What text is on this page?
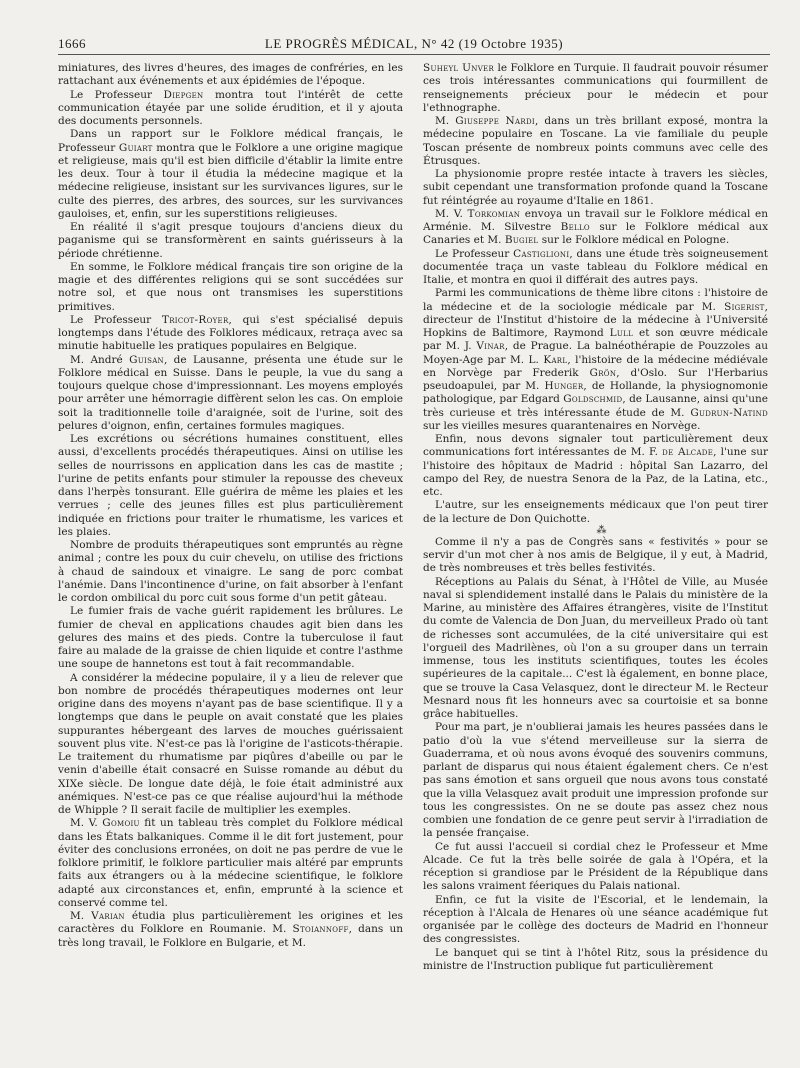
1666	LE PROGRÈS MÉDICAL, N° 42 (19 Octobre 1935)

miniatures, des livres d'heures, des images de confréries, en les rattachant aux événements et aux épidémies de l'époque.

Le Professeur Diepgen montra tout l'intérêt de cette communication étayée par une solide érudition, et il y ajouta des documents personnels.

Dans un rapport sur le Folklore médical français, le Professeur Guiart montra que le Folklore a une origine magique et religieuse, mais qu'il est bien difficile d'établir la limite entre les deux. Tour à tour il étudia la médecine magique et la médecine religieuse, insistant sur les survivances ligures, sur le culte des pierres, des arbres, des sources, sur les survivances gauloises, et, enfin, sur les superstitions religieuses.

En réalité il s'agit presque toujours d'anciens dieux du paganisme qui se transformèrent en saints guérisseurs à la période chrétienne.

En somme, le Folklore médical français tire son origine de la magie et des différentes religions qui se sont succédées sur notre sol, et que nous ont transmises les superstitions primitives.

Le Professeur Tricot-Royer, qui s'est spécialisé depuis longtemps dans l'étude des Folklores médicaux, retraça avec sa minutie habituelle les pratiques populaires en Belgique.

M. André Guisan, de Lausanne, présenta une étude sur le Folklore médical en Suisse. Dans le peuple, la vue du sang a toujours quelque chose d'impressionnant. Les moyens employés pour arrêter une hémorragie diffèrent selon les cas. On emploie soit la traditionnelle toile d'araignée, soit de l'urine, soit des pelures d'oignon, enfin, certaines formules magiques.

Les excrétions ou sécrétions humaines constituent, elles aussi, d'excellents procédés thérapeutiques. Ainsi on utilise les selles de nourrissons en application dans les cas de mastite ; l'urine de petits enfants pour stimuler la repousse des cheveux dans l'herpès tonsurant. Elle guérira de même les plaies et les verrues ; celle des jeunes filles est plus particulièrement indiquée en frictions pour traiter le rhumatisme, les varices et les plaies.

Nombre de produits thérapeutiques sont empruntés au règne animal ; contre les poux du cuir chevelu, on utilise des frictions à chaud de saindoux et vinaigre. Le sang de porc combat l'anémie. Dans l'incontinence d'urine, on fait absorber à l'enfant le cordon ombilical du porc cuit sous forme d'un petit gâteau.

Le fumier frais de vache guérit rapidement les brûlures. Le fumier de cheval en applications chaudes agit bien dans les gelures des mains et des pieds. Contre la tuberculose il faut faire au malade de la graisse de chien liquide et contre l'asthme une soupe de hannetons est tout à fait recommandable.

A considérer la médecine populaire, il y a lieu de relever que bon nombre de procédés thérapeutiques modernes ont leur origine dans des moyens n'ayant pas de base scientifique. Il y a longtemps que dans le peuple on avait constaté que les plaies suppurantes hébergeant des larves de mouches guérissaient souvent plus vite. N'est-ce pas là l'origine de l'asticots-thérapie. Le traitement du rhumatisme par piqûres d'abeille ou par le venin d'abeille était consacré en Suisse romande au début du XIXe siècle. De longue date déjà, le foie était administré aux anémiques. N'est-ce pas ce que réalise aujourd'hui la méthode de Whipple ? Il serait facile de multiplier les exemples.

M. V. Gomoiu fit un tableau très complet du Folklore médical dans les États balkaniques. Comme il le dit fort justement, pour éviter des conclusions erronées, on doit ne pas perdre de vue le folklore primitif, le folklore particulier mais altéré par emprunts faits aux étrangers ou à la médecine scientifique, le folklore adapté aux circonstances et, enfin, emprunté à la science et conservé comme tel.

M. Varian étudia plus particulièrement les origines et les caractères du Folklore en Roumanie. M. Stoiannoff, dans un très long travail, le Folklore en Bulgarie, et M.

Suheyl Unver le Folklore en Turquie. Il faudrait pouvoir résumer ces trois intéressantes communications qui fourmillent de renseignements précieux pour le médecin et pour l'ethnographe.

M. Giuseppe Nardi, dans un très brillant exposé, montra la médecine populaire en Toscane. La vie familiale du peuple Toscan présente de nombreux points communs avec celle des Étrusques.

La physionomie propre restée intacte à travers les siècles, subit cependant une transformation profonde quand la Toscane fut réintégrée au royaume d'Italie en 1861.

M. V. Torkomian envoya un travail sur le Folklore médical en Arménie. M. Silvestre Bello sur le Folklore médical aux Canaries et M. Bugiel sur le Folklore médical en Pologne.

Le Professeur Castiglioni, dans une étude très soigneusement documentée traça un vaste tableau du Folklore médical en Italie, et montra en quoi il différait des autres pays.

Parmi les communications de thème libre citons : l'histoire de la médecine et de la sociologie médicale par M. Sigerist, directeur de l'Institut d'histoire de la médecine à l'Université Hopkins de Baltimore, Raymond Lull et son œuvre médicale par M. J. Vinar, de Prague. La balnéothérapie de Pouzzoles au Moyen-Age par M. L. Karl, l'histoire de la médecine médiévale en Norvège par Frederik Grön, d'Oslo. Sur l'Herbarius pseudoapulei, par M. Hunger, de Hollande, la physiognomonie pathologique, par Edgard Goldschmid, de Lausanne, ainsi qu'une très curieuse et très intéressante étude de M. Gudrun-Natind sur les vieilles mesures quarantenaires en Norvège.

Enfin, nous devons signaler tout particulièrement deux communications fort intéressantes de M. F. de Alcade, l'une sur l'histoire des hôpitaux de Madrid : hôpital San Lazarro, del campo del Rey, de nuestra Senora de la Paz, de la Latina, etc., etc.

L'autre, sur les enseignements médicaux que l'on peut tirer de la lecture de Don Quichotte.

⁂

Comme il n'y a pas de Congrès sans « festivités » pour se servir d'un mot cher à nos amis de Belgique, il y eut, à Madrid, de très nombreuses et très belles festivités.

Réceptions au Palais du Sénat, à l'Hôtel de Ville, au Musée naval si splendidement installé dans le Palais du ministère de la Marine, au ministère des Affaires étrangères, visite de l'Institut du comte de Valencia de Don Juan, du merveilleux Prado où tant de richesses sont accumulées, de la cité universitaire qui est l'orgueil des Madrilènes, où l'on a su grouper dans un terrain immense, tous les instituts scientifiques, toutes les écoles supérieures de la capitale... C'est là également, en bonne place, que se trouve la Casa Velasquez, dont le directeur M. le Recteur Mesnard nous fit les honneurs avec sa courtoisie et sa bonne grâce habituelles.

Pour ma part, je n'oublierai jamais les heures passées dans le patio d'où la vue s'étend merveilleuse sur la sierra de Guaderrama, et où nous avons évoqué des souvenirs communs, parlant de disparus qui nous étaient également chers. Ce n'est pas sans émotion et sans orgueil que nous avons tous constaté que la villa Velasquez avait produit une impression profonde sur tous les congressistes. On ne se doute pas assez chez nous combien une fondation de ce genre peut servir à l'irradiation de la pensée française.

Ce fut aussi l'accueil si cordial chez le Professeur et Mme Alcade. Ce fut la très belle soirée de gala à l'Opéra, et la réception si grandiose par le Président de la République dans les salons vraiment féeriques du Palais national.

Enfin, ce fut la visite de l'Escorial, et le lendemain, la réception à l'Alcala de Henares où une séance académique fut organisée par le collège des docteurs de Madrid en l'honneur des congressistes.

Le banquet qui se tint à l'hôtel Ritz, sous la présidence du ministre de l'Instruction publique fut particulièrement
